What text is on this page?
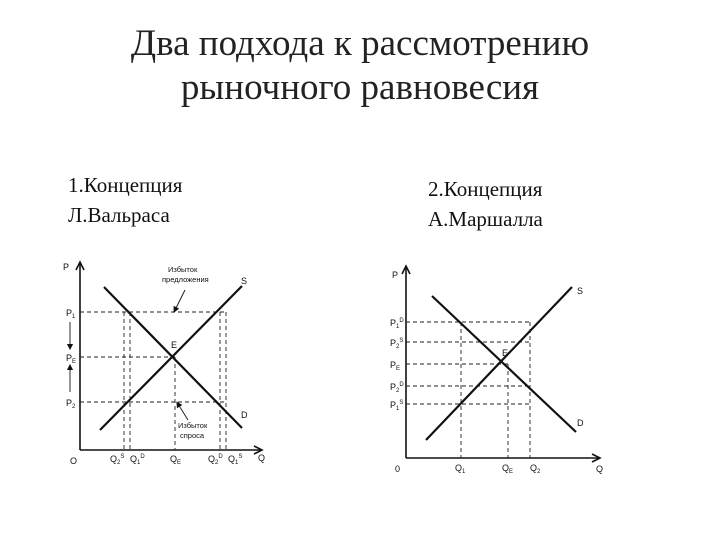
Два подхода к рассмотрению
рыночного равновесия
1.Концепция
Л.Вальраса
2.Концепция
А.Маршалла
P
Q
O
S
D
E
$P_1$
$P_E$
$P_2$
$Q_2^S$ $Q_1^D$	$Q_E$	$Q_2^D$ $Q_1^S$
Избыток
предложения
Избыток
спроса
P
Q
0
S
D
E
$P_1^D$
$P_2^S$
$P_E$
$P_2^D$
$P_1^S$
$Q_1$	$Q_E$ $Q_2$
